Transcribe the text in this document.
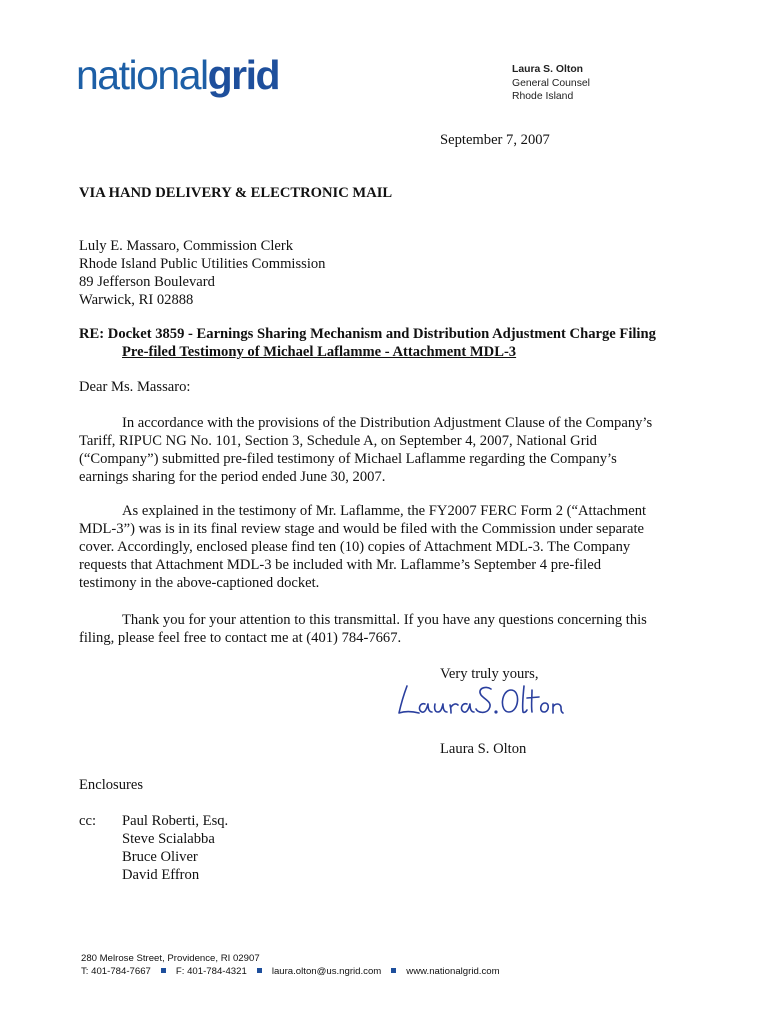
nationalgrid	Laura S. Olton
General Counsel
Rhode Island
September 7, 2007
VIA HAND DELIVERY & ELECTRONIC MAIL
Luly E. Massaro, Commission Clerk
Rhode Island Public Utilities Commission
89 Jefferson Boulevard
Warwick, RI 02888
RE: Docket 3859 - Earnings Sharing Mechanism and Distribution Adjustment Charge Filing
Pre-filed Testimony of Michael Laflamme - Attachment MDL-3
Dear Ms. Massaro:
In accordance with the provisions of the Distribution Adjustment Clause of the Company’s
Tariff, RIPUC NG No. 101, Section 3, Schedule A, on September 4, 2007, National Grid
(“Company”) submitted pre-filed testimony of Michael Laflamme regarding the Company’s
earnings sharing for the period ended June 30, 2007.
As explained in the testimony of Mr. Laflamme, the FY2007 FERC Form 2 (“Attachment
MDL-3”) was is in its final review stage and would be filed with the Commission under separate
cover. Accordingly, enclosed please find ten (10) copies of Attachment MDL-3. The Company
requests that Attachment MDL-3 be included with Mr. Laflamme’s September 4 pre-filed
testimony in the above-captioned docket.
Thank you for your attention to this transmittal. If you have any questions concerning this
filing, please feel free to contact me at (401) 784-7667.
Very truly yours,
Laura S. Olton
Enclosures
cc: Paul Roberti, Esq.
Steve Scialabba
Bruce Oliver
David Effron
280 Melrose Street, Providence, RI 02907
T: 401-784-7667	F: 401-784-4321	laura.olton@us.ngrid.com	www.nationalgrid.com
